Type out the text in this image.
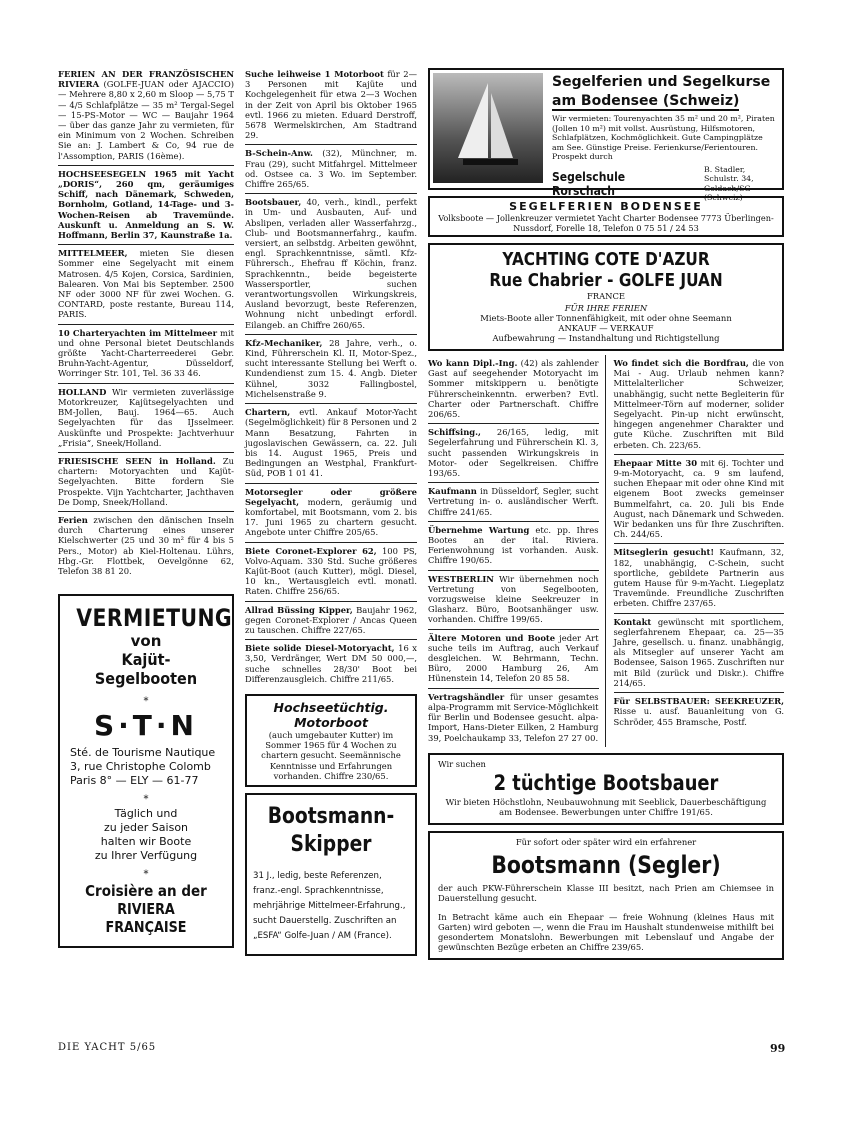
FERIEN AN DER FRANZÖSISCHEN RIVIERA (GOLFE-JUAN oder AJACCIO) — Mehrere 8,80 x 2,60 m Sloop — 5,75 T — 4/5 Schlafplätze — 35 m² Tergal-Segel — 15-PS-Motor — WC — Baujahr 1964 — über das ganze Jahr zu vermieten, für ein Minimum von 2 Wochen. Schreiben Sie an: J. Lambert & Co, 94 rue de l'Assomption, PARIS (16ème).
HOCHSEESEGELN 1965 mit Yacht „DORIS“, 260 qm, geräumiges Schiff, nach Dänemark, Schweden, Bornholm, Gotland, 14-Tage- und 3-Wochen-Reisen ab Travemünde. Auskunft u. Anmeldung an S. W. Hoffmann, Berlin 37, Kaunstraße 1a.
MITTELMEER, mieten Sie diesen Sommer eine Segelyacht mit einem Matrosen. 4/5 Kojen, Corsica, Sardinien, Balearen. Von Mai bis September. 2500 NF oder 3000 NF für zwei Wochen. G. CONTARD, poste restante, Bureau 114, PARIS.
10 Charteryachten im Mittelmeer mit und ohne Personal bietet Deutschlands größte Yacht-Charterreederei Gebr. Bruhn-Yacht-Agentur, Düsseldorf, Worringer Str. 101, Tel. 36 33 46.
HOLLAND Wir vermieten zuverlässige Motorkreuzer, Kajütsegelyachten und BM-Jollen, Bauj. 1964—65. Auch Segelyachten für das IJsselmeer. Auskünfte und Prospekte: Jachtverhuur „Frisia“, Sneek/Holland.
FRIESISCHE SEEN in Holland. Zu chartern: Motoryachten und Kajüt-Segelyachten. Bitte fordern Sie Prospekte. Vijn Yachtcharter, Jachthaven De Domp, Sneek/Holland.
Ferien zwischen den dänischen Inseln durch Charterung eines unserer Kielschwerter (25 und 30 m² für 4 bis 5 Pers., Motor) ab Kiel-Holtenau. Lührs, Hbg.-Gr. Flottbek, Oevelgönne 62, Telefon 38 81 20.
VERMIETUNG
von
Kajüt-Segelbooten
*
S·T·N
Sté. de Tourisme Nautique
3, rue Christophe Colomb
Paris 8° — ELY — 61-77
*
Täglich und
zu jeder Saison
halten wir Boote
zu Ihrer Verfügung
*
Croisière an der
RIVIERA FRANÇAISE
Suche leihweise 1 Motorboot für 2—3 Personen mit Kajüte und Kochgelegenheit für etwa 2—3 Wochen in der Zeit von April bis Oktober 1965 evtl. 1966 zu mieten. Eduard Derstroff, 5678 Wermelskirchen, Am Stadtrand 29.
B-Schein-Anw. (32), Münchner, m. Frau (29), sucht Mitfahrgel. Mittelmeer od. Ostsee ca. 3 Wo. im September. Chiffre 265/65.
Bootsbauer, 40, verh., kindl., perfekt in Um- und Ausbauten, Auf- und Abslipen, verladen aller Wasserfahrzg., Club- und Bootsmannerfahrg., kaufm. versiert, an selbstdg. Arbeiten gewöhnt, engl. Sprachkenntnisse, sämtl. Kfz-Führersch., Ehefrau ff Köchin, franz. Sprachkenntn., beide begeisterte Wassersportler, suchen verantwortungsvollen Wirkungskreis, Ausland bevorzugt, beste Referenzen, Wohnung nicht unbedingt erfordl. Eilangeb. an Chiffre 260/65.
Kfz-Mechaniker, 28 Jahre, verh., o. Kind, Führerschein Kl. II, Motor-Spez., sucht interessante Stellung bei Werft o. Kundendienst zum 15. 4. Angb. Dieter Kühnel, 3032 Fallingbostel, Michelsenstraße 9.
Chartern, evtl. Ankauf Motor-Yacht (Segelmöglichkeit) für 8 Personen und 2 Mann Besatzung, Fahrten in jugoslavischen Gewässern, ca. 22. Juli bis 14. August 1965, Preis und Bedingungen an Westphal, Frankfurt-Süd, POB 1 01 41.
Motorsegler oder größere Segelyacht, modern, geräumig und komfortabel, mit Bootsmann, vom 2. bis 17. Juni 1965 zu chartern gesucht. Angebote unter Chiffre 205/65.
Biete Coronet-Explorer 62, 100 PS, Volvo-Aquam. 330 Std. Suche größeres Kajüt-Boot (auch Kutter), mögl. Diesel, 10 kn., Wertausgleich evtl. monatl. Raten. Chiffre 256/65.
Allrad Büssing Kipper, Baujahr 1962, gegen Coronet-Explorer / Ancas Queen zu tauschen. Chiffre 227/65.
Biete solide Diesel-Motoryacht, 16 x 3,50, Verdränger, Wert DM 50 000,—, suche schnelles 28/30' Boot bei Differenzausgleich. Chiffre 211/65.
Hochseetüchtig. Motorboot
(auch umgebauter Kutter) im Sommer 1965 für 4 Wochen zu chartern gesucht. Seemännische Kenntnisse und Erfahrungen vorhanden. Chiffre 230/65.
Bootsmann-
Skipper
31 J., ledig, beste Referenzen, franz.-engl. Sprachkenntnisse, mehrjährige Mittelmeer-Erfahrung., sucht Dauerstellg. Zuschriften an „ESFA“ Golfe-Juan / AM (France).
Segelferien und Segelkurse
am Bodensee (Schweiz)
Wir vermieten: Tourenyachten 35 m² und 20 m², Piraten (Jollen 10 m²) mit vollst. Ausrüstung, Hilfsmotoren, Schlafplätzen, Kochmöglichkeit. Gute Campingplätze am See. Günstige Preise. Ferienkurse/Ferientouren. Prospekt durch
Segelschule Rorschach
B. Stadler, Schulstr. 34, Goldach/SG (Schweiz)
SEGELFERIEN BODENSEE
Volksboote — Jollenkreuzer vermietet Yacht Charter Bodensee 7773 Überlingen-Nussdorf, Forelle 18, Telefon 0 75 51 / 24 53
YACHTING COTE D'AZUR
Rue Chabrier - GOLFE JUAN
FRANCE
FÜR IHRE FERIEN
Miets-Boote aller Tonnenfähigkeit, mit oder ohne Seemann
ANKAUF — VERKAUF
Aufbewahrung — Instandhaltung und Richtigstellung
Wo kann Dipl.-Ing. (42) als zahlender Gast auf seegehender Motoryacht im Sommer mitskippern u. benötigte Führerscheinkenntn. erwerben? Evtl. Charter oder Partnerschaft. Chiffre 206/65.
Schiffsing., 26/165, ledig, mit Segelerfahrung und Führerschein Kl. 3, sucht passenden Wirkungskreis in Motor- oder Segelkreisen. Chiffre 193/65.
Kaufmann in Düsseldorf, Segler, sucht Vertretung in- o. ausländischer Werft. Chiffre 241/65.
Übernehme Wartung etc. pp. Ihres Bootes an der ital. Riviera. Ferienwohnung ist vorhanden. Ausk. Chiffre 190/65.
WESTBERLIN Wir übernehmen noch Vertretung von Segelbooten, vorzugsweise kleine Seekreuzer in Glasharz. Büro, Bootsanhänger usw. vorhanden. Chiffre 199/65.
Ältere Motoren und Boote jeder Art suche teils im Auftrag, auch Verkauf desgleichen. W. Behrmann, Techn. Büro, 2000 Hamburg 26, Am Hünenstein 14, Telefon 20 85 58.
Vertragshändler für unser gesamtes alpa-Programm mit Service-Möglichkeit für Berlin und Bodensee gesucht. alpa-Import, Hans-Dieter Eilken, 2 Hamburg 39, Poelchaukamp 33, Telefon 27 27 00.
Wo findet sich die Bordfrau, die von Mai - Aug. Urlaub nehmen kann? Mittelalterlicher Schweizer, unabhängig, sucht nette Begleiterin für Mittelmeer-Törn auf moderner, solider Segelyacht. Pin-up nicht erwünscht, hingegen angenehmer Charakter und gute Küche. Zuschriften mit Bild erbeten. Ch. 223/65.
Ehepaar Mitte 30 mit 6j. Tochter und 9-m-Motoryacht, ca. 9 sm laufend, suchen Ehepaar mit oder ohne Kind mit eigenem Boot zwecks gemeinser Bummelfahrt, ca. 20. Juli bis Ende August, nach Dänemark und Schweden. Wir bedanken uns für Ihre Zuschriften. Ch. 244/65.
Mitseglerin gesucht! Kaufmann, 32, 182, unabhängig, C-Schein, sucht sportliche, gebildete Partnerin aus gutem Hause für 9-m-Yacht. Liegeplatz Travemünde. Freundliche Zuschriften erbeten. Chiffre 237/65.
Kontakt gewünscht mit sportlichem, seglerfahrenem Ehepaar, ca. 25—35 Jahre, gesellsch. u. finanz. unabhängig, als Mitsegler auf unserer Yacht am Bodensee, Saison 1965. Zuschriften nur mit Bild (zurück und Diskr.). Chiffre 214/65.
Für SELBSTBAUER: SEEKREUZER, Risse u. ausf. Bauanleitung von G. Schröder, 455 Bramsche, Postf.
Wir suchen
2 tüchtige Bootsbauer
Wir bieten Höchstlohn, Neubauwohnung mit Seeblick, Dauerbeschäftigung am Bodensee. Bewerbungen unter Chiffre 191/65.
Für sofort oder später wird ein erfahrener
Bootsmann (Segler)
der auch PKW-Führerschein Klasse III besitzt, nach Prien am Chiemsee in Dauerstellung gesucht.
In Betracht käme auch ein Ehepaar — freie Wohnung (kleines Haus mit Garten) wird geboten —, wenn die Frau im Haushalt stundenweise mithilft bei gesondertem Monatslohn. Bewerbungen mit Lebenslauf und Angabe der gewünschten Bezüge erbeten an Chiffre 239/65.
DIE YACHT 5/65	99
